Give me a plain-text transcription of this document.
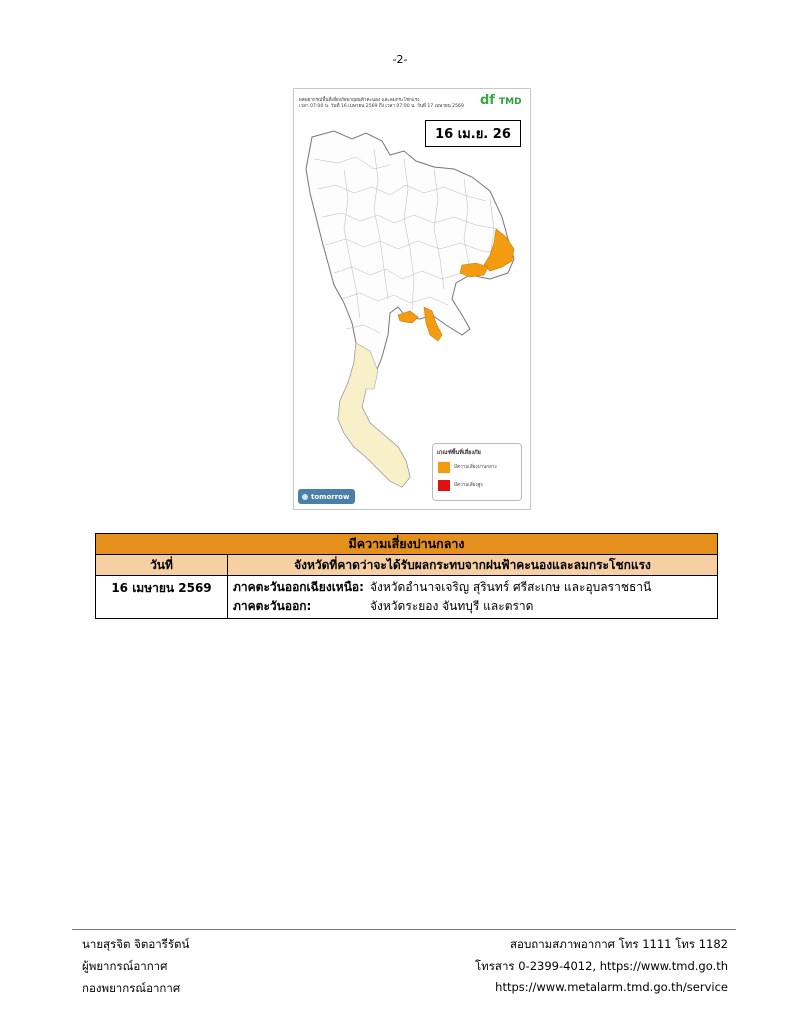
-2-
ผลพยากรณ์พื้นที่เสี่ยงภัยพายุฝนฟ้าคะนอง และลมกระโชกแรง
เวลา 07:00 น. วันที่ 16 เมษายน 2569 ถึง เวลา 07:00 น. วันที่ 17 เมษายน 2569 df TMD
16 เม.ย. 26
เกณฑ์พื้นที่เสี่ยงภัย
มีความเสี่ยงปานกลาง
มีความเสี่ยงสูง
tomorrow
มีความเสี่ยงปานกลาง	
วันที่	จังหวัดที่คาดว่าจะได้รับผลกระทบจากฝนฟ้าคะนองและลมกระโชกแรง
16 เมษายน 2569	ภาคตะวันออกเฉียงเหนือ: จังหวัดอำนาจเจริญ สุรินทร์ ศรีสะเกษ และอุบลราชธานี
ภาคตะวันออก: จังหวัดระยอง จันทบุรี และตราด
นายสุรจิต จิตอารีรัตน์
ผู้พยากรณ์อากาศ
กองพยากรณ์อากาศ
สอบถามสภาพอากาศ โทร 1111 โทร 1182
โทรสาร 0-2399-4012, https://www.tmd.go.th
https://www.metalarm.tmd.go.th/service
